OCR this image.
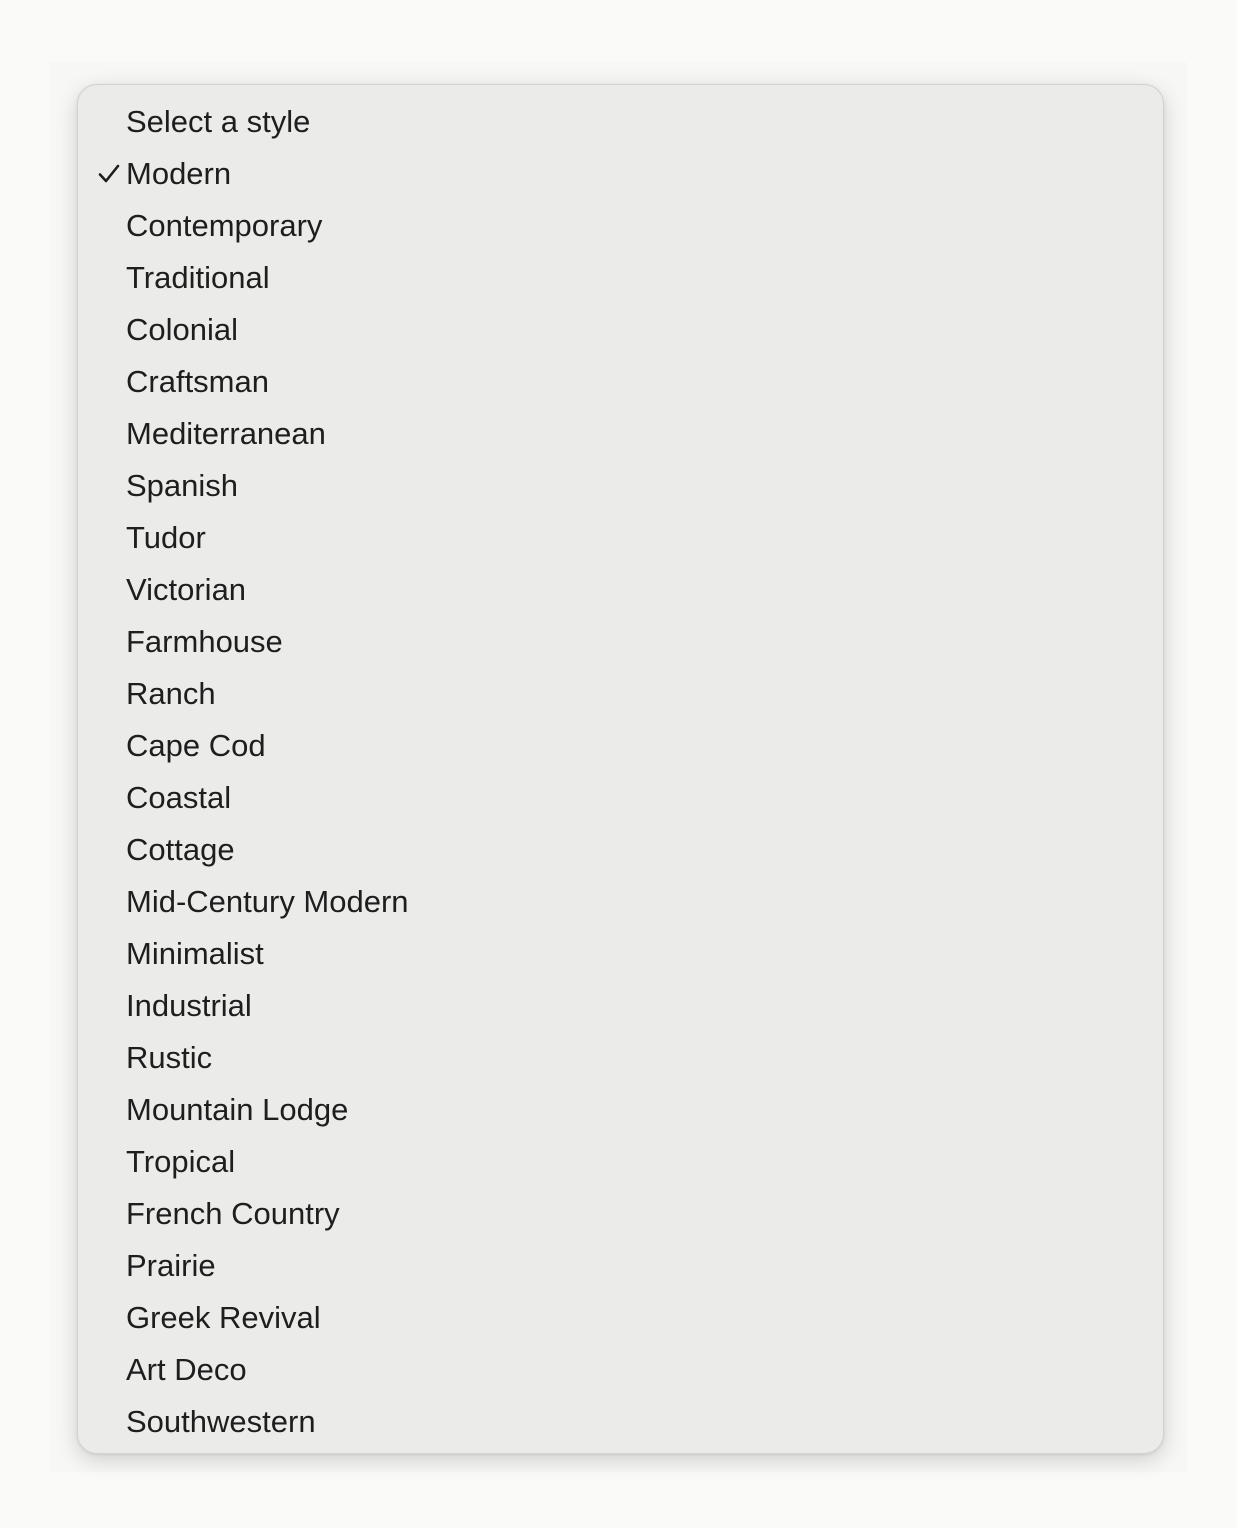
Select a style
Modern
Contemporary
Traditional
Colonial
Craftsman
Mediterranean
Spanish
Tudor
Victorian
Farmhouse
Ranch
Cape Cod
Coastal
Cottage
Mid-Century Modern
Minimalist
Industrial
Rustic
Mountain Lodge
Tropical
French Country
Prairie
Greek Revival
Art Deco
Southwestern
